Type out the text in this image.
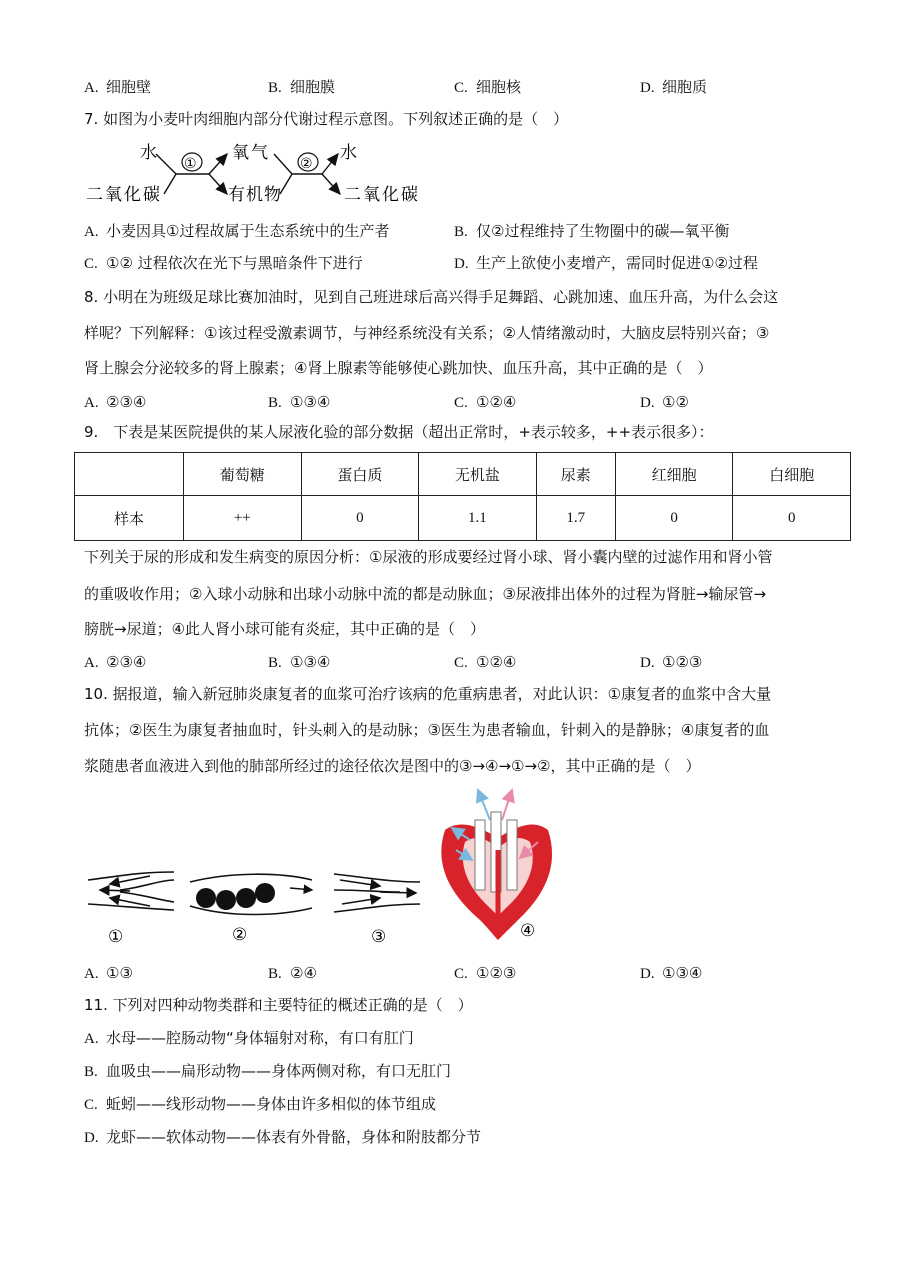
A. 细胞壁	B. 细胞膜	C. 细胞核	D. 细胞质
7. 如图为小麦叶肉细胞内部分代谢过程示意图。下列叙述正确的是（　）
水
二氧化碳
①
氧气
有机物
②
水
二氧化碳
A. 小麦因具①过程故属于生态系统中的生产者	B. 仅②过程维持了生物圈中的碳—氧平衡
C. ①② 过程依次在光下与黑暗条件下进行	D. 生产上欲使小麦增产，需同时促进①②过程
8. 小明在为班级足球比赛加油时，见到自己班进球后高兴得手足舞蹈、心跳加速、血压升高，为什么会这
样呢？下列解释：①该过程受激素调节，与神经系统没有关系；②人情绪激动时，大脑皮层特别兴奋；③
肾上腺会分泌较多的肾上腺素；④肾上腺素等能够使心跳加快、血压升高，其中正确的是（　）
A. ②③④	B. ①③④	C. ①②④	D. ①②
9.　下表是某医院提供的某人尿液化验的部分数据（超出正常时，+表示较多，++表示很多）：
	葡萄糖	蛋白质	无机盐	尿素	红细胞	白细胞
样本	++	0	1.1	1.7	0	0
下列关于尿的形成和发生病变的原因分析：①尿液的形成要经过肾小球、肾小囊内壁的过滤作用和肾小管
的重吸收作用；②入球小动脉和出球小动脉中流的都是动脉血；③尿液排出体外的过程为肾脏→输尿管→
膀胱→尿道；④此人肾小球可能有炎症，其中正确的是（　）
A. ②③④	B. ①③④	C. ①②④	D. ①②③
10. 据报道，输入新冠肺炎康复者的血浆可治疗该病的危重病患者，对此认识：①康复者的血浆中含大量
抗体；②医生为康复者抽血时，针头刺入的是动脉；③医生为患者输血，针刺入的是静脉；④康复者的血
浆随患者血液进入到他的肺部所经过的途径依次是图中的③→④→①→②，其中正确的是（　）
①	②	③	④
A. ①③	B. ②④	C. ①②③	D. ①③④
11. 下列对四种动物类群和主要特征的概述正确的是（　）
A. 水母——腔肠动物“身体辐射对称，有口有肛门
B. 血吸虫——扁形动物——身体两侧对称，有口无肛门
C. 蚯蚓——线形动物——身体由许多相似的体节组成
D. 龙虾——软体动物——体表有外骨骼，身体和附肢都分节
